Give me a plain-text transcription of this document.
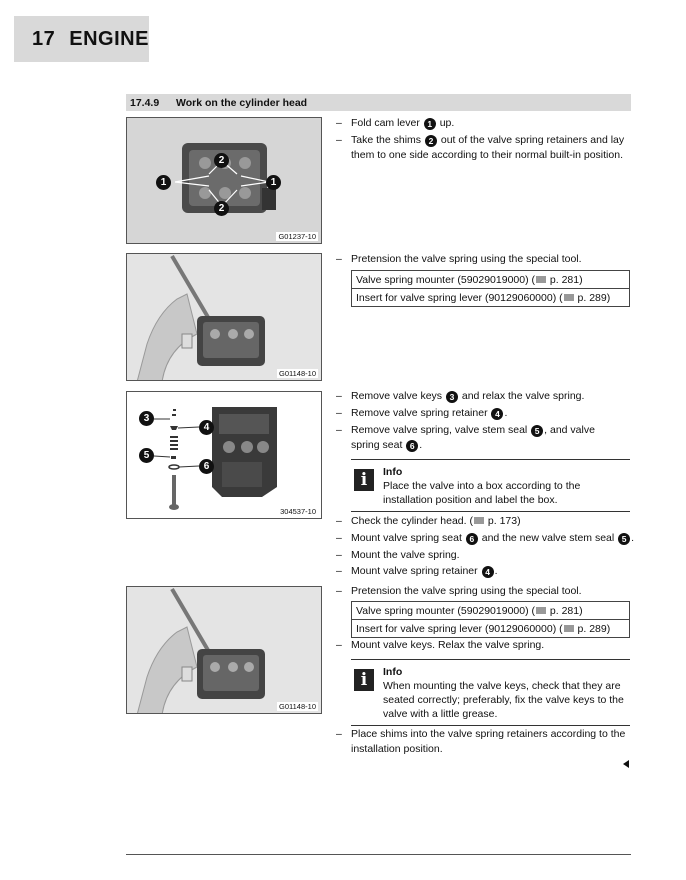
17 ENGINE
17.4.9	Work on the cylinder head
1
2
1
2
G01237-10
G01148-10
3
4
5
6
304537-10
G01148-10
– Fold cam lever 1 up.
– Take the shims 2 out of the valve spring retainers and lay them to one side according to their normal built-in position.
– Pretension the valve spring using the special tool.
Valve spring mounter (59029019000) ( p. 281)
Insert for valve spring lever (90129060000) ( p. 289)
– Remove valve keys 3 and relax the valve spring.
– Remove valve spring retainer 4 .
– Remove valve spring, valve stem seal 5 , and valve spring seat 6 .
i	Info
Place the valve into a box according to the installation position and label the box.
– Check the cylinder head. ( p. 173)
– Mount valve spring seat 6 and the new valve stem seal 5 .
– Mount the valve spring.
– Mount valve spring retainer 4 .
– Pretension the valve spring using the special tool.
Valve spring mounter (59029019000) ( p. 281)
Insert for valve spring lever (90129060000) ( p. 289)
– Mount valve keys. Relax the valve spring.
i	Info
When mounting the valve keys, check that they are seated correctly; preferably, fix the valve keys to the valve with a little grease.
– Place shims into the valve spring retainers according to the installation position.
